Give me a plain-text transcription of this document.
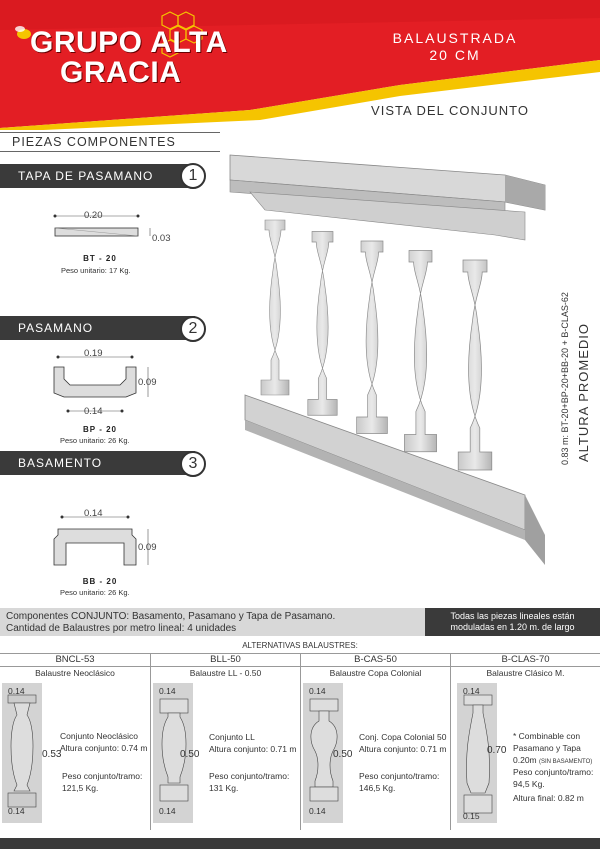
GRUPO ALTA
GRACIA
BALAUSTRADA
20 CM
VISTA DEL CONJUNTO
PIEZAS COMPONENTES
TAPA DE PASAMANO	1
0.20
0.03
BT - 20
Peso unitario: 17 Kg.
PASAMANO	2
0.19
0.14
0.09
BP - 20
Peso unitario: 26 Kg.
BASAMENTO	3
0.14
0.09
BB - 20
Peso unitario: 26 Kg.
0.83 m: BT-20+BP-20+BB-20 + B-CLAS-62 ALTURA PROMEDIO
Componentes CONJUNTO: Basamento, Pasamano y Tapa de Pasamano.
Cantidad de Balaustres por metro lineal: 4 unidades
Todas las piezas lineales están
moduladas en 1.20 m. de largo
ALTERNATIVAS BALAUSTRES:
BNCL-53
Balaustre Neoclásico
0.14
0.14
0.53
Conjunto Neoclásico
Altura conjunto: 0.74 m
Peso conjunto/tramo:
121,5 Kg.
BLL-50
Balaustre LL - 0.50
0.14
0.14
0.50
Conjunto LL
Altura conjunto: 0.71 m
Peso conjunto/tramo:
131 Kg.
B-CAS-50
Balaustre Copa Colonial
0.14
0.14
0.50
Conj. Copa Colonial 50
Altura conjunto: 0.71 m
Peso conjunto/tramo:
146,5 Kg.
B-CLAS-70
Balaustre Clásico M.
0.14
0.15
0.70
* Combinable con
Pasamano y Tapa
0.20m (SIN BASAMENTO)
Peso conjunto/tramo:
94,5 Kg.
Altura final: 0.82 m
